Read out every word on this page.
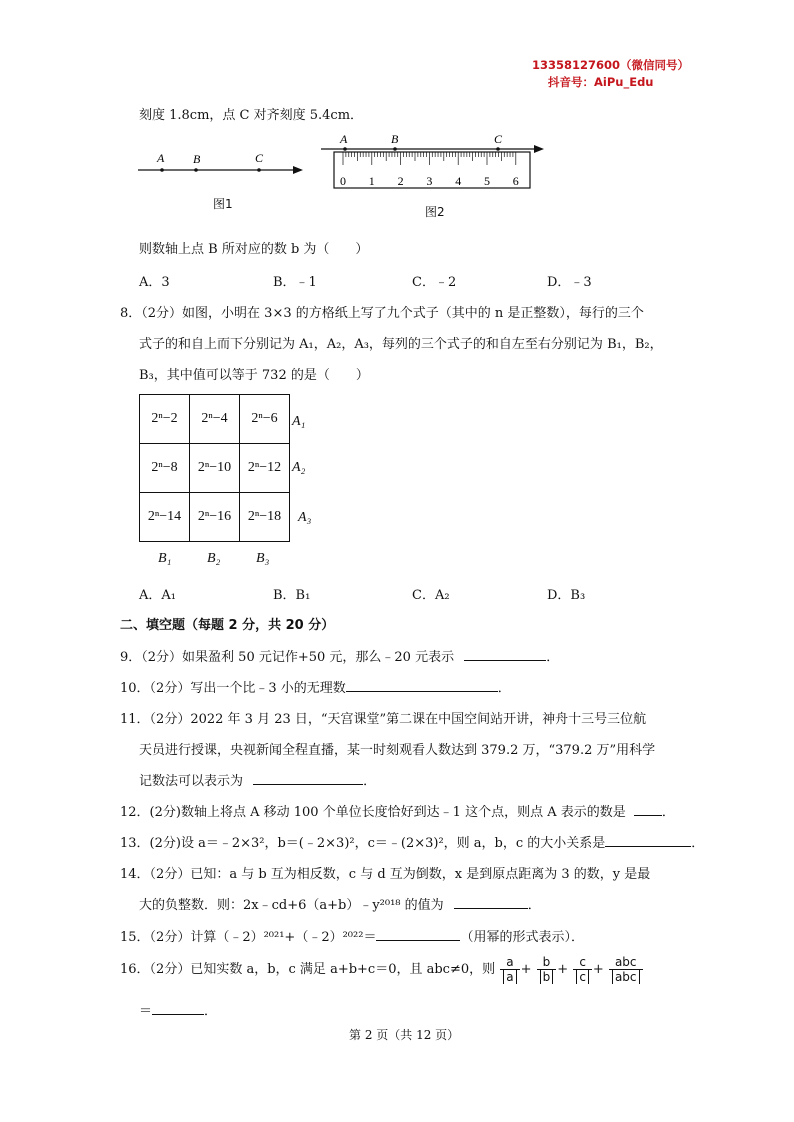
13358127600（微信同号）
抖音号：AiPu_Edu
刻度 1.8cm，点 C 对齐刻度 5.4cm．
A B	C
图1
0 1 2 3 4 5 6
A	B	C
图2
则数轴上点 B 所对应的数 b 为（　　）
A．3	B．﹣1	C．﹣2	D．﹣3
8．（2分）如图，小明在 3×3 的方格纸上写了九个式子（其中的 n 是正整数），每行的三个
式子的和自上而下分别记为 A₁，A₂，A₃，每列的三个式子的和自左至右分别记为 B₁，B₂，
B₃，其中值可以等于 732 的是（　　）
2ⁿ−2	2ⁿ−4	2ⁿ−6
2ⁿ−8	2ⁿ−10	2ⁿ−12
2ⁿ−14	2ⁿ−16	2ⁿ−18
A₁
A₂
A₃
B₁	B₂	B₃
A．A₁	B．B₁	C．A₂	D．B₃
二、填空题（每题 2 分，共 20 分）
9．（2分）如果盈利 50 元记作+50 元，那么﹣20 元表示	．
10．（2分）写出一个比﹣3 小的无理数	．
11．（2分）2022 年 3 月 23 日，“天宫课堂”第二课在中国空间站开讲，神舟十三号三位航
天员进行授课，央视新闻全程直播，某一时刻观看人数达到 379.2 万，“379.2 万”用科学
记数法可以表示为	．
12．(2分)数轴上将点 A 移动 100 个单位长度恰好到达﹣1 这个点，则点 A 表示的数是	．
13．(2分)设 a＝﹣2×3²，b＝(﹣2×3)²，c＝﹣(2×3)²，则 a，b，c 的大小关系是	．
14．（2分）已知：a 与 b 互为相反数，c 与 d 互为倒数，x 是到原点距离为 3 的数，y 是最
大的负整数．则：2x﹣cd+6（a+b）﹣y²⁰¹⁸ 的值为	．
15．（2分）计算（﹣2）²⁰²¹+（﹣2）²⁰²²＝	（用幂的形式表示）．
16．（2分）已知实数 a，b，c 满足 a+b+c＝0，且 abc≠0，则 $\frac{a}{a} + \frac{b}{b} + \frac{c}{c} + \frac{\text{abc}}{\text{abc}}$
＝	．
第 2 页（共 12 页）
